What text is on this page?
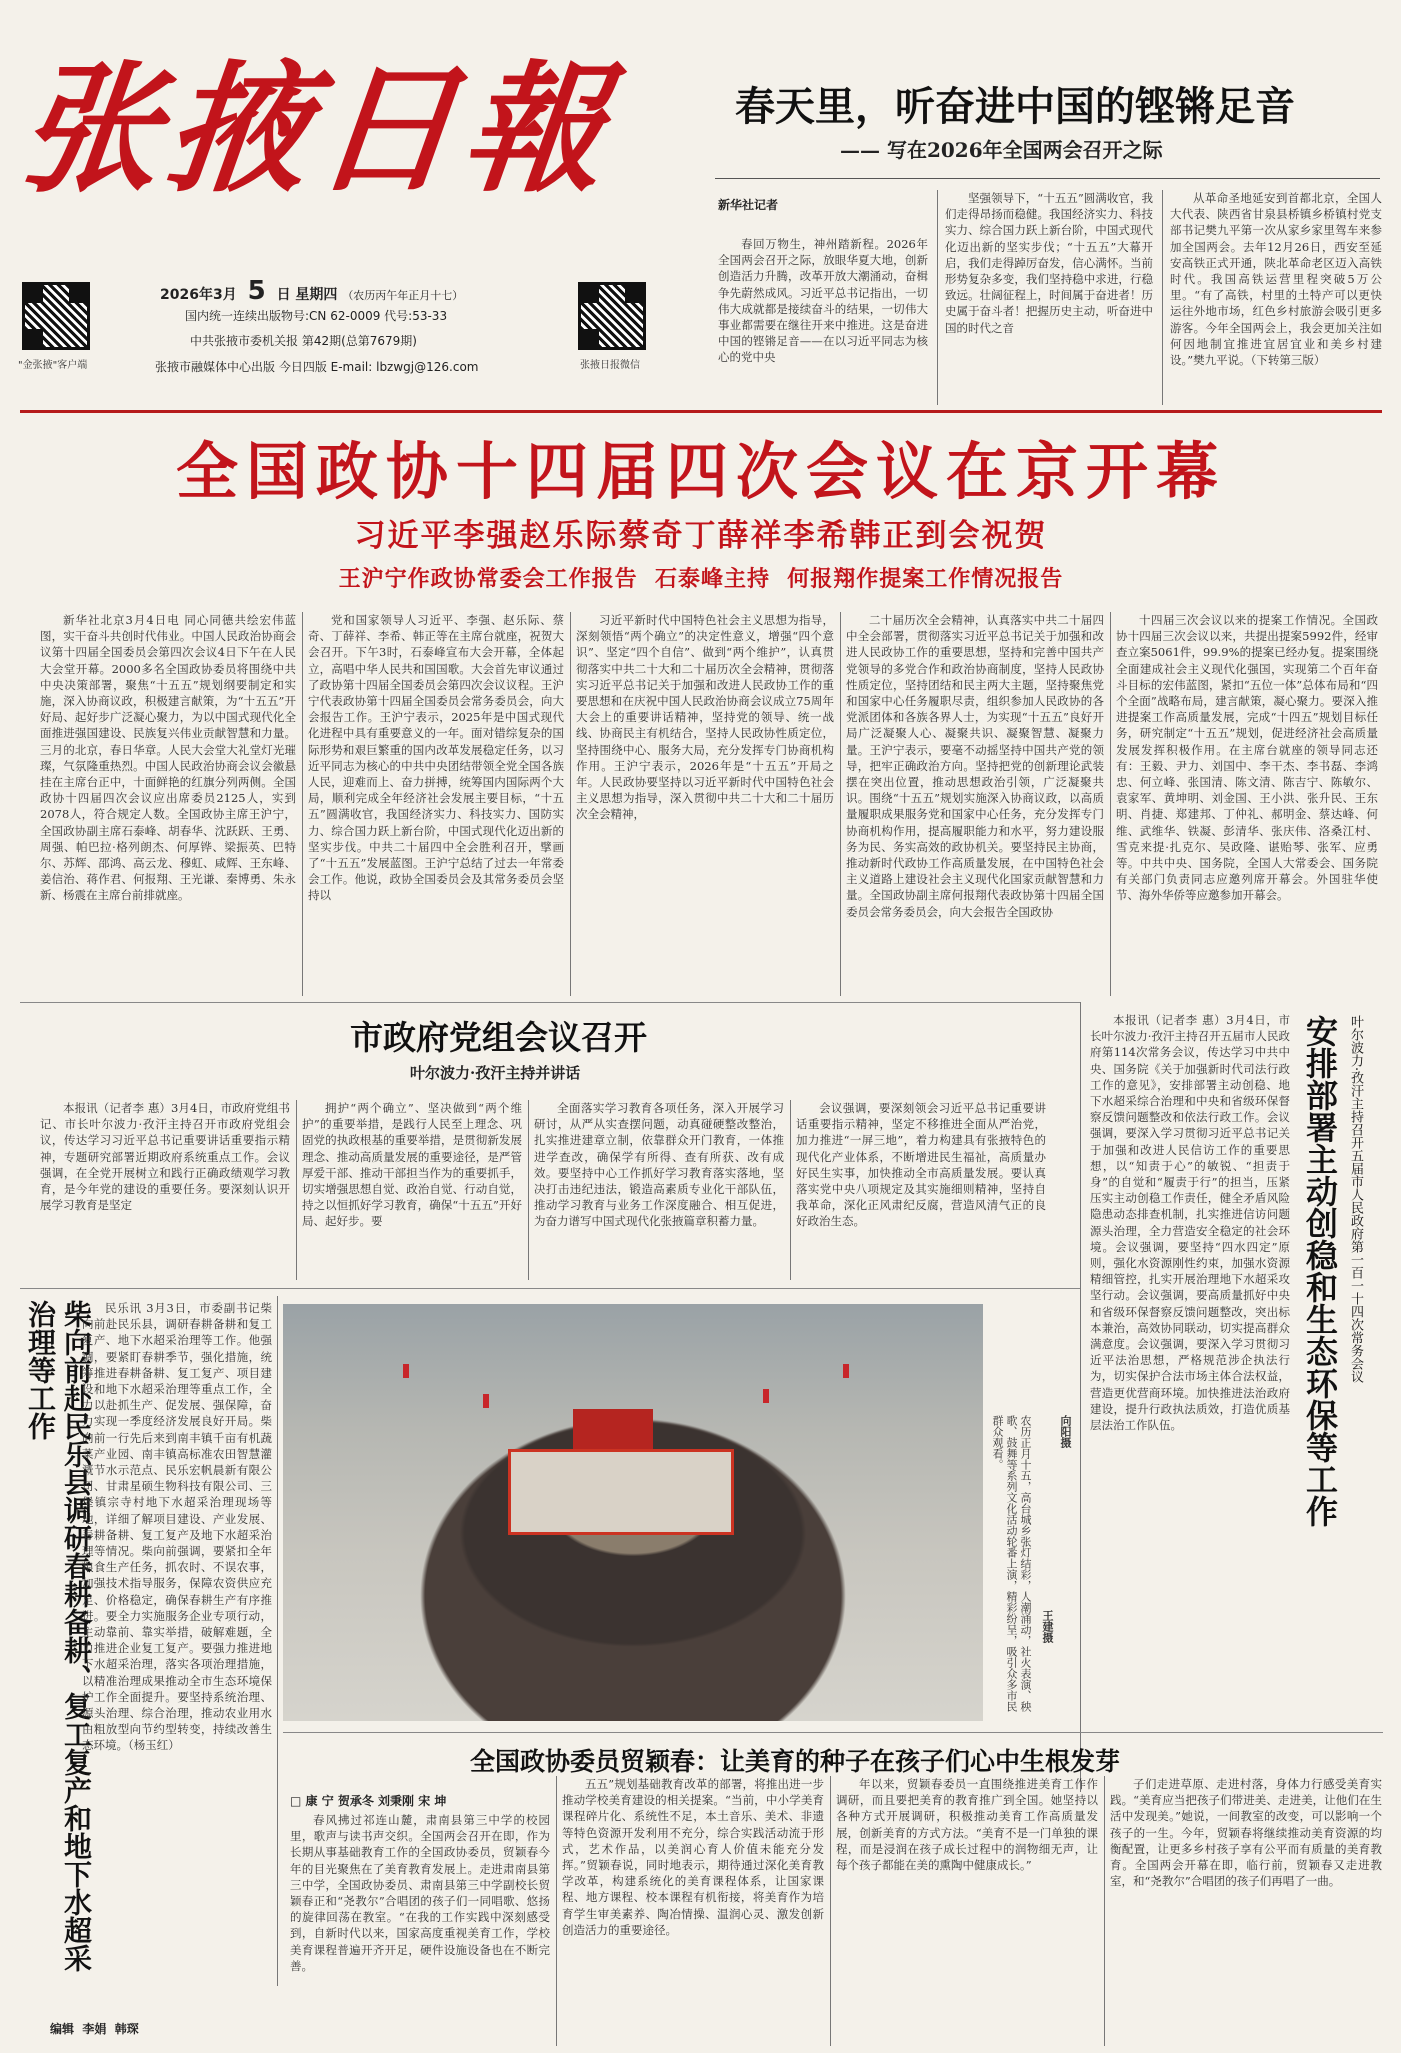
张掖日報
"金张掖"客户端
2026年3月 5 日 星期四 （农历丙午年正月十七）
国内统一连续出版物号:CN 62-0009 代号:53-33
中共张掖市委机关报 第42期(总第7679期)
张掖市融媒体中心出版 今日四版 E-mail: lbzwgj@126.com	张掖日报微信
春天里，听奋进中国的铿锵足音
—— 写在2026年全国两会召开之际
新华社记者

春回万物生，神州踏新程。2026年全国两会召开之际，放眼华夏大地，创新创造活力升腾，改革开放大潮涌动，奋楫争先蔚然成风。习近平总书记指出，一切伟大成就都是接续奋斗的结果，一切伟大事业都需要在继往开来中推进。这是奋进中国的铿锵足音——在以习近平同志为核心的党中央

坚强领导下，“十五五”圆满收官，我们走得昂扬而稳健。我国经济实力、科技实力、综合国力跃上新台阶，中国式现代化迈出新的坚实步伐；“十五五”大幕开启，我们走得踔厉奋发，信心满怀。当前形势复杂多变，我们坚持稳中求进，行稳致远。壮阔征程上，时间属于奋进者！历史属于奋斗者！把握历史主动，听奋进中国的时代之音

从革命圣地延安到首都北京，全国人大代表、陕西省甘泉县桥镇乡桥镇村党支部书记樊九平第一次从家乡家里驾车来参加全国两会。去年12月26日，西安至延安高铁正式开通，陕北革命老区迈入高铁时代。我国高铁运营里程突破5万公里。“有了高铁，村里的土特产可以更快运往外地市场，红色乡村旅游会吸引更多游客。今年全国两会上，我会更加关注如何因地制宜推进宜居宜业和美乡村建设。”樊九平说。（下转第三版）

全国政协十四届四次会议在京开幕
习近平李强赵乐际蔡奇丁薛祥李希韩正到会祝贺
王沪宁作政协常委会工作报告  石泰峰主持  何报翔作提案工作情况报告

新华社北京3月4日电 同心同德共绘宏伟蓝图，实干奋斗共创时代伟业。中国人民政治协商会议第十四届全国委员会第四次会议4日下午在人民大会堂开幕。2000多名全国政协委员将围绕中共中央决策部署，聚焦“十五五”规划纲要制定和实施，深入协商议政，积极建言献策，为“十五五”开好局、起好步广泛凝心聚力，为以中国式现代化全面推进强国建设、民族复兴伟业贡献智慧和力量。三月的北京，春日华章。人民大会堂大礼堂灯光璀璨，气氛隆重热烈。中国人民政治协商会议会徽悬挂在主席台正中，十面鲜艳的红旗分列两侧。全国政协十四届四次会议应出席委员2125人，实到2078人，符合规定人数。全国政协主席王沪宁，全国政协副主席石泰峰、胡春华、沈跃跃、王勇、周强、帕巴拉·格列朗杰、何厚铧、梁振英、巴特尔、苏辉、邵鸿、高云龙、穆虹、咸辉、王东峰、姜信治、蒋作君、何报翔、王光谦、秦博勇、朱永新、杨震在主席台前排就座。

党和国家领导人习近平、李强、赵乐际、蔡奇、丁薛祥、李希、韩正等在主席台就座，祝贺大会召开。下午3时，石泰峰宣布大会开幕，全体起立，高唱中华人民共和国国歌。大会首先审议通过了政协第十四届全国委员会第四次会议议程。王沪宁代表政协第十四届全国委员会常务委员会，向大会报告工作。王沪宁表示，2025年是中国式现代化进程中具有重要意义的一年。面对错综复杂的国际形势和艰巨繁重的国内改革发展稳定任务，以习近平同志为核心的中共中央团结带领全党全国各族人民，迎难而上、奋力拼搏，统筹国内国际两个大局，顺利完成全年经济社会发展主要目标，“十五五”圆满收官，我国经济实力、科技实力、国防实力、综合国力跃上新台阶，中国式现代化迈出新的坚实步伐。中共二十届四中全会胜利召开，擘画了“十五五”发展蓝图。王沪宁总结了过去一年常委会工作。他说，政协全国委员会及其常务委员会坚持以

习近平新时代中国特色社会主义思想为指导，深刻领悟“两个确立”的决定性意义，增强“四个意识”、坚定“四个自信”、做到“两个维护”，认真贯彻落实中共二十大和二十届历次全会精神，贯彻落实习近平总书记关于加强和改进人民政协工作的重要思想和在庆祝中国人民政治协商会议成立75周年大会上的重要讲话精神，坚持党的领导、统一战线、协商民主有机结合，坚持人民政协性质定位，坚持围绕中心、服务大局，充分发挥专门协商机构作用。王沪宁表示，2026年是“十五五”开局之年。人民政协要坚持以习近平新时代中国特色社会主义思想为指导，深入贯彻中共二十大和二十届历次全会精神，

二十届历次全会精神，认真落实中共二十届四中全会部署，贯彻落实习近平总书记关于加强和改进人民政协工作的重要思想，坚持和完善中国共产党领导的多党合作和政治协商制度，坚持人民政协性质定位，坚持团结和民主两大主题，坚持聚焦党和国家中心任务履职尽责，组织参加人民政协的各党派团体和各族各界人士，为实现“十五五”良好开局广泛凝聚人心、凝聚共识、凝聚智慧、凝聚力量。王沪宁表示，要毫不动摇坚持中国共产党的领导，把牢正确政治方向。坚持把党的创新理论武装摆在突出位置，推动思想政治引领，广泛凝聚共识。围绕“十五五”规划实施深入协商议政，以高质量履职成果服务党和国家中心任务，充分发挥专门协商机构作用，提高履职能力和水平，努力建设服务为民、务实高效的政协机关。要坚持民主协商，推动新时代政协工作高质量发展，在中国特色社会主义道路上建设社会主义现代化国家贡献智慧和力量。全国政协副主席何报翔代表政协第十四届全国委员会常务委员会，向大会报告全国政协

十四届三次会议以来的提案工作情况。全国政协十四届三次会议以来，共提出提案5992件，经审查立案5061件，99.9%的提案已经办复。提案围绕全面建成社会主义现代化强国，实现第二个百年奋斗目标的宏伟蓝图，紧扣“五位一体”总体布局和“四个全面”战略布局，建言献策，凝心聚力。要深入推进提案工作高质量发展，完成“十四五”规划目标任务，研究制定“十五五”规划，促进经济社会高质量发展发挥积极作用。在主席台就座的领导同志还有：王毅、尹力、刘国中、李干杰、李书磊、李鸿忠、何立峰、张国清、陈文清、陈吉宁、陈敏尔、袁家军、黄坤明、刘金国、王小洪、张升民、王东明、肖捷、郑建邦、丁仲礼、郝明金、蔡达峰、何维、武维华、铁凝、彭清华、张庆伟、洛桑江村、雪克来提·扎克尔、吴政隆、谌贻琴、张军、应勇等。中共中央、国务院，全国人大常委会、国务院有关部门负责同志应邀列席开幕会。外国驻华使节、海外华侨等应邀参加开幕会。

市政府党组会议召开
叶尔波力·孜汗主持并讲话

本报讯（记者李 惠）3月4日，市政府党组书记、市长叶尔波力·孜汗主持召开市政府党组会议，传达学习习近平总书记重要讲话重要指示精神，专题研究部署近期政府系统重点工作。会议强调，在全党开展树立和践行正确政绩观学习教育，是今年党的建设的重要任务。要深刻认识开展学习教育是坚定

拥护“两个确立”、坚决做到“两个维护”的重要举措，是践行人民至上理念、巩固党的执政根基的重要举措，是贯彻新发展理念、推动高质量发展的重要途径，是严管厚爱干部、推动干部担当作为的重要抓手，切实增强思想自觉、政治自觉、行动自觉，持之以恒抓好学习教育，确保“十五五”开好局、起好步。要

全面落实学习教育各项任务，深入开展学习研讨，从严从实查摆问题，动真碰硬整改整治，扎实推进建章立制，依靠群众开门教育，一体推进学查改，确保学有所得、查有所获、改有成效。要坚持中心工作抓好学习教育落实落地，坚决打击违纪违法，锻造高素质专业化干部队伍，推动学习教育与业务工作深度融合、相互促进，为奋力谱写中国式现代化张掖篇章积蓄力量。

会议强调，要深刻领会习近平总书记重要讲话重要指示精神，坚定不移推进全面从严治党，加力推进“一屏三地”，着力构建具有张掖特色的现代化产业体系，不断增进民生福祉，高质量办好民生实事，加快推动全市高质量发展。要认真落实党中央八项规定及其实施细则精神，坚持自我革命，深化正风肃纪反腐，营造风清气正的良好政治生态。

本报讯（记者李 惠）3月4日，市长叶尔波力·孜汗主持召开五届市人民政府第114次常务会议，传达学习中共中央、国务院《关于加强新时代司法行政工作的意见》，安排部署主动创稳、地下水超采综合治理和中央和省级环保督察反馈问题整改和依法行政工作。会议强调，要深入学习贯彻习近平总书记关于加强和改进人民信访工作的重要思想，以“知责于心”的敏锐、“担责于身”的自觉和“履责于行”的担当，压紧压实主动创稳工作责任，健全矛盾风险隐患动态排查机制，扎实推进信访问题源头治理，全力营造安全稳定的社会环境。会议强调，要坚持“四水四定”原则，强化水资源刚性约束，加强水资源精细管控，扎实开展治理地下水超采攻坚行动。会议强调，要高质量抓好中央和省级环保督察反馈问题整改，突出标本兼治，高效协同联动，切实提高群众满意度。会议强调，要深入学习贯彻习近平法治思想，严格规范涉企执法行为，切实保护合法市场主体合法权益，营造更优营商环境。加快推进法治政府建设，提升行政执法质效，打造优质基层法治工作队伍。	安排部署主动创稳和生态环保等工作 叶尔波力·孜汗主持召开五届市人民政府第一百一十四次常务会议
柴向前赴民乐县调研春耕备耕、复工复产和地下水超采治理等工作	民乐讯 3月3日，市委副书记柴向前赴民乐县，调研春耕备耕和复工复产、地下水超采治理等工作。他强调，要紧盯春耕季节，强化措施，统筹推进春耕备耕、复工复产、项目建设和地下水超采治理等重点工作，全力以赴抓生产、促发展、强保障，奋力实现一季度经济发展良好开局。柴向前一行先后来到南丰镇千亩有机蔬菜产业园、南丰镇高标准农田智慧灌溉节水示范点、民乐宏帆晨新有限公司、甘肃星硕生物科技有限公司、三堡镇宗寺村地下水超采治理现场等地，详细了解项目建设、产业发展、春耕备耕、复工复产及地下水超采治理等情况。柴向前强调，要紧扣全年粮食生产任务，抓农时、不误农事，加强技术指导服务，保障农资供应充足、价格稳定，确保春耕生产有序推进。要全力实施服务企业专项行动，主动靠前、靠实举措，破解难题，全力推进企业复工复产。要强力推进地下水超采治理，落实各项治理措施，以精准治理成果推动全市生态环境保护工作全面提升。要坚持系统治理、源头治理、综合治理，推动农业用水由粗放型向节约型转变，持续改善生态环境。（杨玉红）

农历正月十五，高台城乡张灯结彩，人潮涌动，社火表演、秧歌、鼓舞等系列文化活动轮番上演，精彩纷呈，吸引众多市民群众观看。
王建摄
向阳摄
全国政协委员贸颖春：让美育的种子在孩子们心中生根发芽
□ 康 宁 贺承冬 刘秉刚 宋 坤

春风拂过祁连山麓，肃南县第三中学的校园里，歌声与读书声交织。全国两会召开在即，作为长期从事基础教育工作的全国政协委员，贸颖春今年的目光聚焦在了美育教育发展上。走进肃南县第三中学，全国政协委员、肃南县第三中学副校长贸颖春正和“尧教尔”合唱团的孩子们一同唱歌、悠扬的旋律回荡在教室。“在我的工作实践中深刻感受到，自新时代以来，国家高度重视美育工作，学校美育课程普遍开齐开足，硬件设施设备也在不断完善。

五五”规划基础教育改革的部署，将推出进一步推动学校美育建设的相关提案。“当前，中小学美育课程碎片化、系统性不足，本土音乐、美术、非遗等特色资源开发利用不充分，综合实践活动流于形式，艺术作品，以美润心育人价值未能充分发挥。”贸颖春说，同时地表示，期待通过深化美育教学改革，构建系统化的美育课程体系，让国家课程、地方课程、校本课程有机衔接，将美育作为培育学生审美素养、陶冶情操、温润心灵、激发创新创造活力的重要途径。

年以来，贸颖春委员一直围绕推进美育工作作调研，而且要把美育的教育推广到全国。她坚持以各种方式开展调研，积极推动美育工作高质量发展，创新美育的方式方法。“美育不是一门单独的课程，而是浸润在孩子成长过程中的润物细无声，让每个孩子都能在美的熏陶中健康成长。”

子们走进草原、走进村落，身体力行感受美育实践。“美育应当把孩子们带进美、走进美，让他们在生活中发现美。”她说，一间教室的改变，可以影响一个孩子的一生。今年，贸颖春将继续推动美育资源的均衡配置，让更多乡村孩子享有公平而有质量的美育教育。全国两会开幕在即，临行前，贸颖春又走进教室，和“尧教尔”合唱团的孩子们再唱了一曲。

编辑  李娟  韩琛
